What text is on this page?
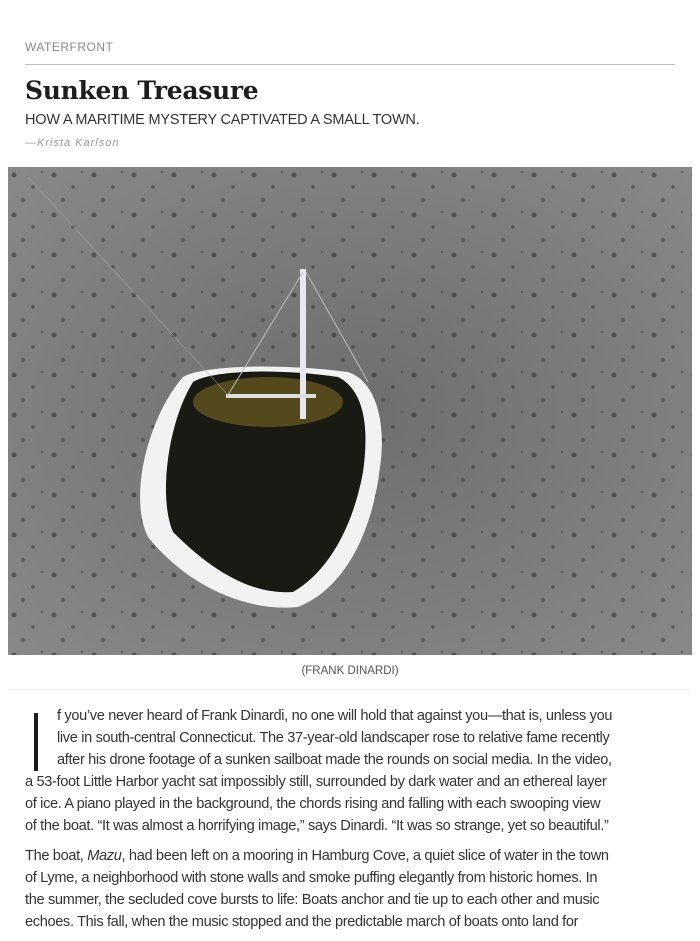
WATERFRONT
Sunken Treasure
HOW A MARITIME MYSTERY CAPTIVATED A SMALL TOWN.
—Krista Karlson
(FRANK DINARDI)
f you’ve never heard of Frank Dinardi, no one will hold that against you—that is, unless you
live in south-central Connecticut. The 37-year-old landscaper rose to relative fame recently
after his drone footage of a sunken sailboat made the rounds on social media. In the video,
a 53-foot Little Harbor yacht sat impossibly still, surrounded by dark water and an ethereal layer
of ice. A piano played in the background, the chords rising and falling with each swooping view
of the boat. “It was almost a horrifying image,” says Dinardi. “It was so strange, yet so beautiful.”
The boat, Mazu, had been left on a mooring in Hamburg Cove, a quiet slice of water in the town
of Lyme, a neighborhood with stone walls and smoke puffing elegantly from historic homes. In
the summer, the secluded cove bursts to life: Boats anchor and tie up to each other and music
echoes. This fall, when the music stopped and the predictable march of boats onto land for
